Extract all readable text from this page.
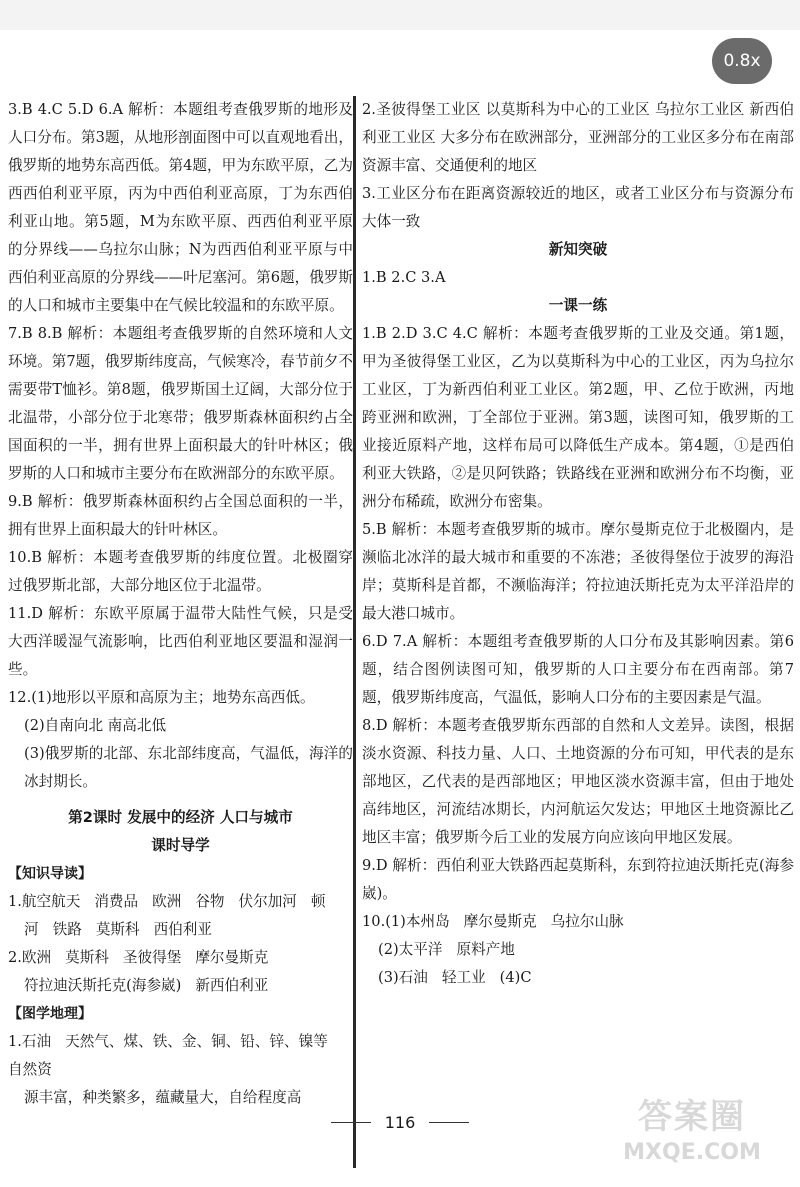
0.8x

3.B 4.C 5.D 6.A 解析：本题组考查俄罗斯的地形及人口分布。第3题，从地形剖面图中可以直观地看出，俄罗斯的地势东高西低。第4题，甲为东欧平原，乙为西西伯利亚平原，丙为中西伯利亚高原，丁为东西伯利亚山地。第5题，M为东欧平原、西西伯利亚平原的分界线——乌拉尔山脉；N为西西伯利亚平原与中西伯利亚高原的分界线——叶尼塞河。第6题，俄罗斯的人口和城市主要集中在气候比较温和的东欧平原。

7.B 8.B 解析：本题组考查俄罗斯的自然环境和人文环境。第7题，俄罗斯纬度高，气候寒冷，春节前夕不需要带T恤衫。第8题，俄罗斯国土辽阔，大部分位于北温带，小部分位于北寒带；俄罗斯森林面积约占全国面积的一半，拥有世界上面积最大的针叶林区；俄罗斯的人口和城市主要分布在欧洲部分的东欧平原。

9.B 解析：俄罗斯森林面积约占全国总面积的一半，拥有世界上面积最大的针叶林区。

10.B 解析：本题考查俄罗斯的纬度位置。北极圈穿过俄罗斯北部，大部分地区位于北温带。

11.D 解析：东欧平原属于温带大陆性气候，只是受大西洋暖湿气流影响，比西伯利亚地区要温和湿润一些。

12.(1)地形以平原和高原为主；地势东高西低。

(2)自南向北 南高北低

(3)俄罗斯的北部、东北部纬度高，气温低，海洋的冰封期长。

第2课时 发展中的经济 人口与城市

课时导学

【知识导读】

1.航空航天 消费品 欧洲 谷物 伏尔加河 顿

河 铁路 莫斯科 西伯利亚

2.欧洲 莫斯科 圣彼得堡 摩尔曼斯克

符拉迪沃斯托克(海参崴) 新西伯利亚

【图学地理】

1.石油 天然气、煤、铁、金、铜、铅、锌、镍等自然资

源丰富，种类繁多，蕴藏量大，自给程度高

2.圣彼得堡工业区 以莫斯科为中心的工业区 乌拉尔工业区 新西伯利亚工业区 大多分布在欧洲部分，亚洲部分的工业区多分布在南部资源丰富、交通便利的地区

3.工业区分布在距离资源较近的地区，或者工业区分布与资源分布大体一致

新知突破

1.B 2.C 3.A

一课一练

1.B 2.D 3.C 4.C 解析：本题考查俄罗斯的工业及交通。第1题，甲为圣彼得堡工业区，乙为以莫斯科为中心的工业区，丙为乌拉尔工业区，丁为新西伯利亚工业区。第2题，甲、乙位于欧洲，丙地跨亚洲和欧洲，丁全部位于亚洲。第3题，读图可知，俄罗斯的工业接近原料产地，这样布局可以降低生产成本。第4题，①是西伯利亚大铁路，②是贝阿铁路；铁路线在亚洲和欧洲分布不均衡，亚洲分布稀疏，欧洲分布密集。

5.B 解析：本题考查俄罗斯的城市。摩尔曼斯克位于北极圈内，是濒临北冰洋的最大城市和重要的不冻港；圣彼得堡位于波罗的海沿岸；莫斯科是首都，不濒临海洋；符拉迪沃斯托克为太平洋沿岸的最大港口城市。

6.D 7.A 解析：本题组考查俄罗斯的人口分布及其影响因素。第6题，结合图例读图可知，俄罗斯的人口主要分布在西南部。第7题，俄罗斯纬度高，气温低，影响人口分布的主要因素是气温。

8.D 解析：本题考查俄罗斯东西部的自然和人文差异。读图，根据淡水资源、科技力量、人口、土地资源的分布可知，甲代表的是东部地区，乙代表的是西部地区；甲地区淡水资源丰富，但由于地处高纬地区，河流结冰期长，内河航运欠发达；甲地区土地资源比乙地区丰富；俄罗斯今后工业的发展方向应该向甲地区发展。

9.D 解析：西伯利亚大铁路西起莫斯科，东到符拉迪沃斯托克(海参崴)。

10.(1)本州岛 摩尔曼斯克 乌拉尔山脉

(2)太平洋 原料产地

(3)石油 轻工业 (4)C

116	答案圈
MXQE.COM
